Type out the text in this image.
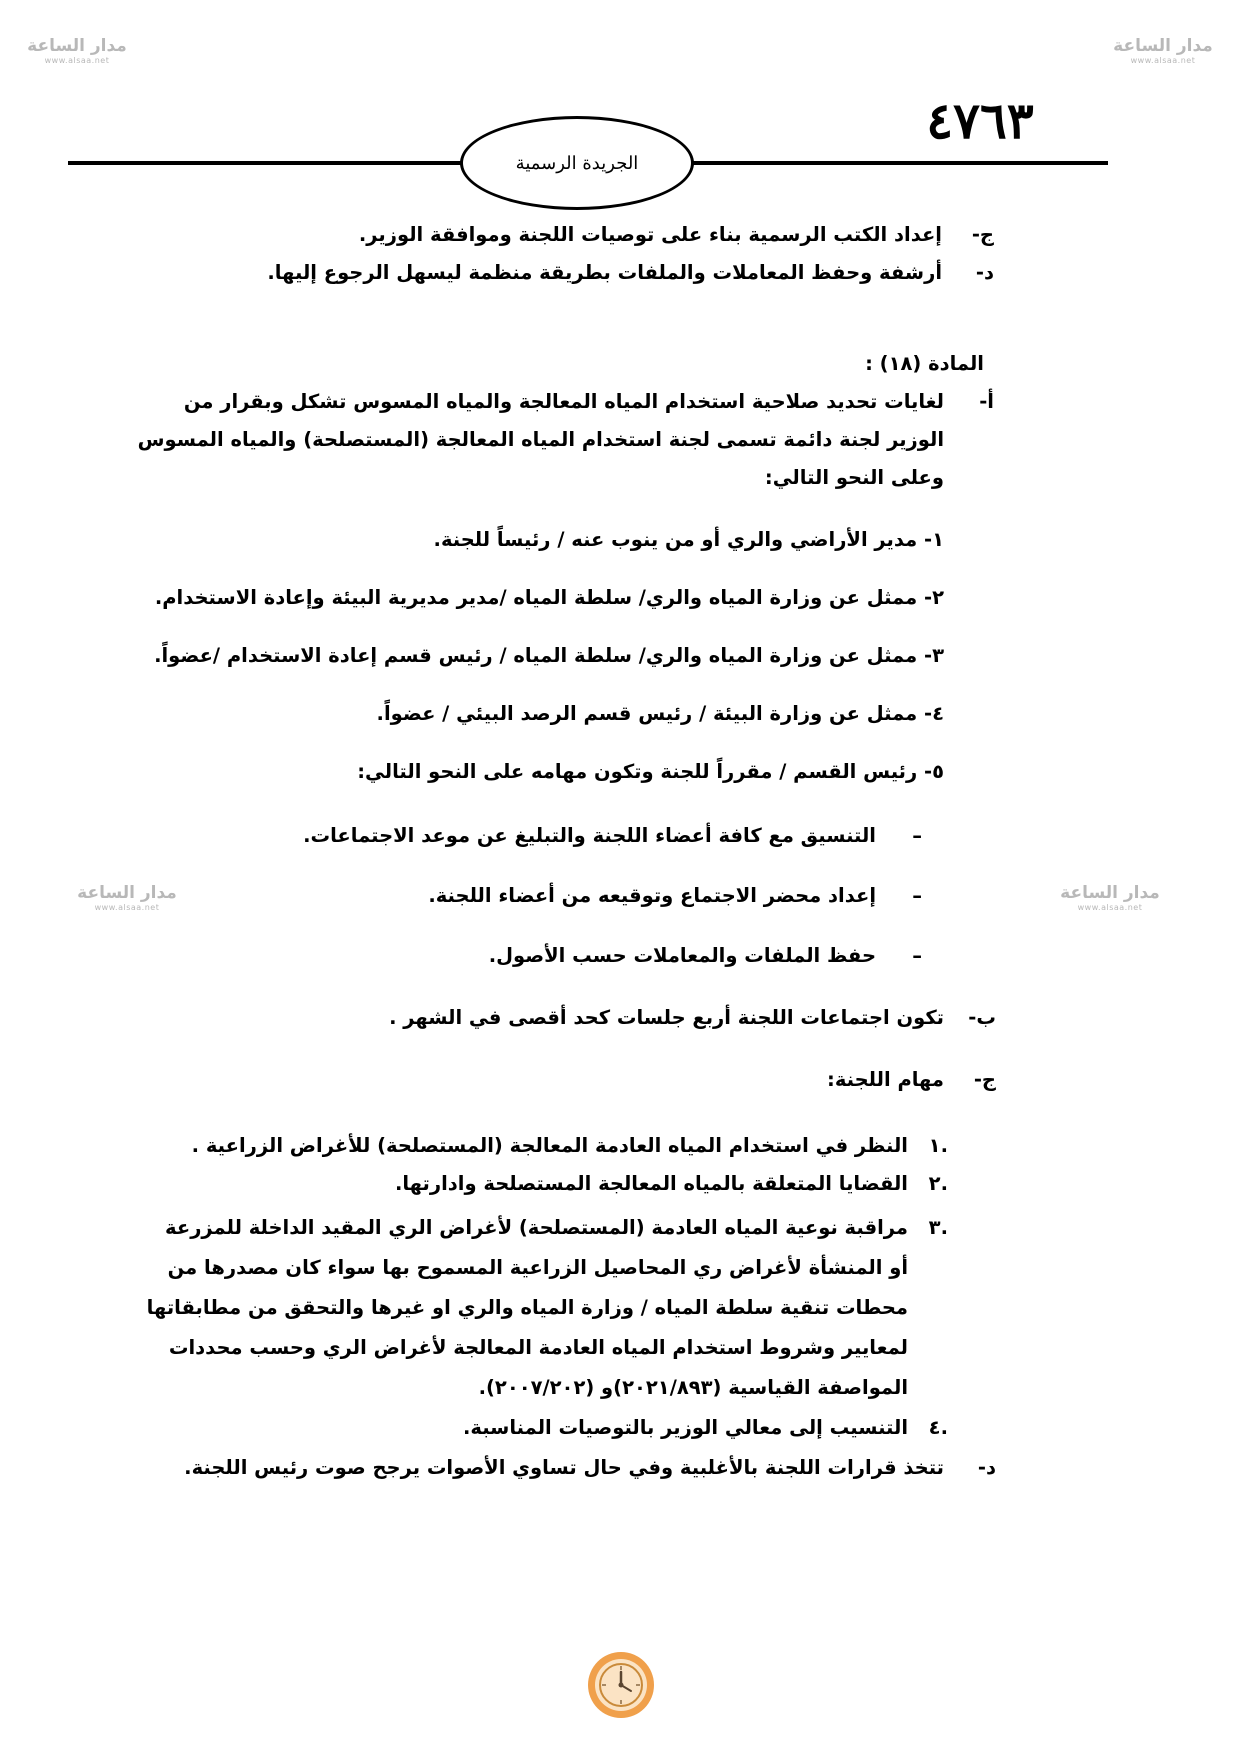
مدار الساعة
www.alsaa.net
مدار الساعة
www.alsaa.net
مدار الساعة
www.alsaa.net
مدار الساعة
www.alsaa.net
الجريدة الرسمية
٤٧٦٣
ج-
إعداد الكتب الرسمية بناء على توصيات اللجنة وموافقة الوزير.
د-
أرشفة وحفظ المعاملات والملفات بطريقة منظمة ليسهل الرجوع إليها.
المادة (١٨) :
أ-
لغايات تحديد صلاحية استخدام المياه المعالجة والمياه المسوس تشكل وبقرار من
الوزير لجنة دائمة تسمى لجنة استخدام المياه المعالجة (المستصلحة) والمياه المسوس
وعلى النحو التالي:
١- مدير الأراضي والري أو من ينوب عنه / رئيساً للجنة.
٢- ممثل عن وزارة المياه والري/ سلطة المياه /مدير مديرية البيئة وإعادة الاستخدام.
٣- ممثل عن وزارة المياه والري/ سلطة المياه / رئيس قسم إعادة الاستخدام /عضواً.
٤- ممثل عن وزارة البيئة / رئيس قسم الرصد البيئي / عضواً.
٥- رئيس القسم / مقرراً للجنة وتكون مهامه على النحو التالي:
–
التنسيق مع كافة أعضاء اللجنة والتبليغ عن موعد الاجتماعات.
–
إعداد محضر الاجتماع وتوقيعه من أعضاء اللجنة.
–
حفظ الملفات والمعاملات حسب الأصول.
ب-
تكون اجتماعات اللجنة أربع جلسات كحد أقصى في الشهر .
ج-
مهام اللجنة:
١.
النظر في استخدام المياه العادمة المعالجة (المستصلحة) للأغراض الزراعية .
٢.
القضايا المتعلقة بالمياه المعالجة المستصلحة وادارتها.
٣.
مراقبة نوعية المياه العادمة (المستصلحة) لأغراض الري المقيد الداخلة للمزرعة
أو المنشأة لأغراض ري المحاصيل الزراعية المسموح بها سواء كان مصدرها من
محطات تنقية سلطة المياه / وزارة المياه والري او غيرها والتحقق من مطابقاتها
لمعايير وشروط استخدام المياه العادمة المعالجة لأغراض الري وحسب محددات
المواصفة القياسية (٢٠٢١/٨٩٣)و (٢٠٠٧/٢٠٢).
٤.
التنسيب إلى معالي الوزير بالتوصيات المناسبة.
د-
تتخذ قرارات اللجنة بالأغلبية وفي حال تساوي الأصوات يرجح صوت رئيس اللجنة.
